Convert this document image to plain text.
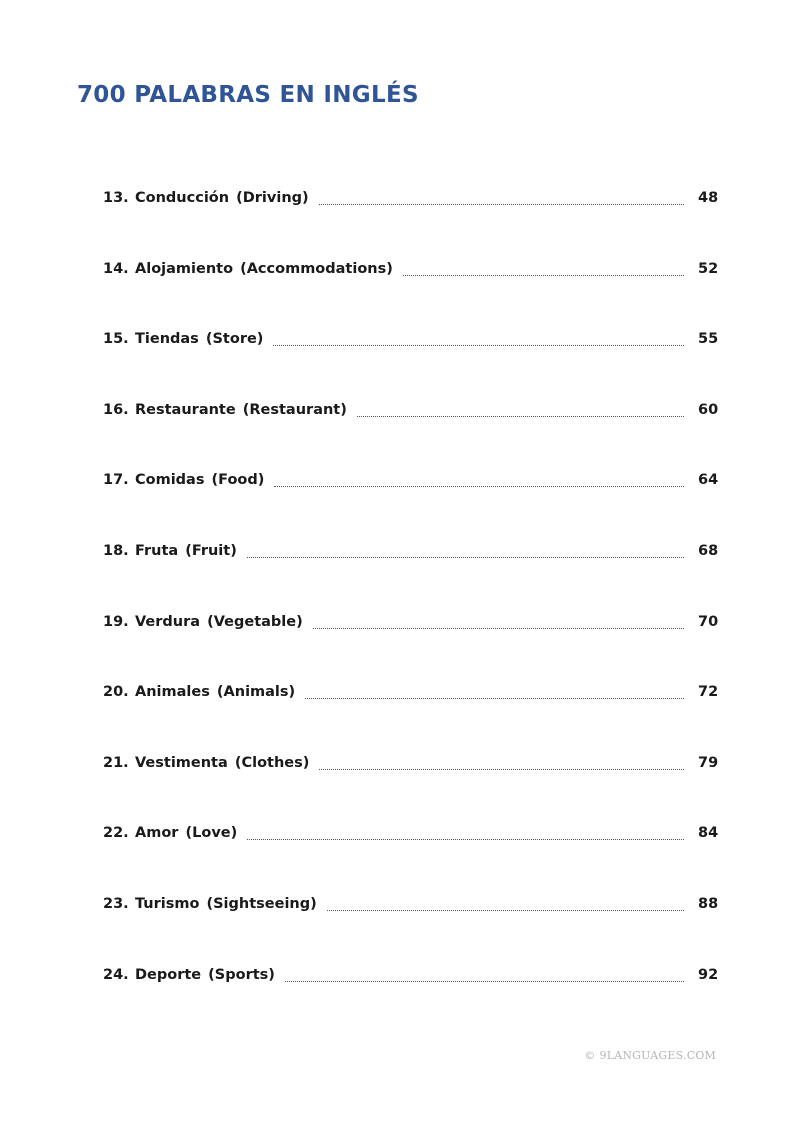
700 PALABRAS EN INGLÉS
13. Conducción (Driving)	48
14. Alojamiento (Accommodations)	52
15. Tiendas (Store)	55
16. Restaurante (Restaurant)	60
17. Comidas (Food)	64
18. Fruta (Fruit)	68
19. Verdura (Vegetable)	70
20. Animales (Animals)	72
21. Vestimenta (Clothes)	79
22. Amor (Love)	84
23. Turismo (Sightseeing)	88
24. Deporte (Sports)	92
© 9LANGUAGES.COM
